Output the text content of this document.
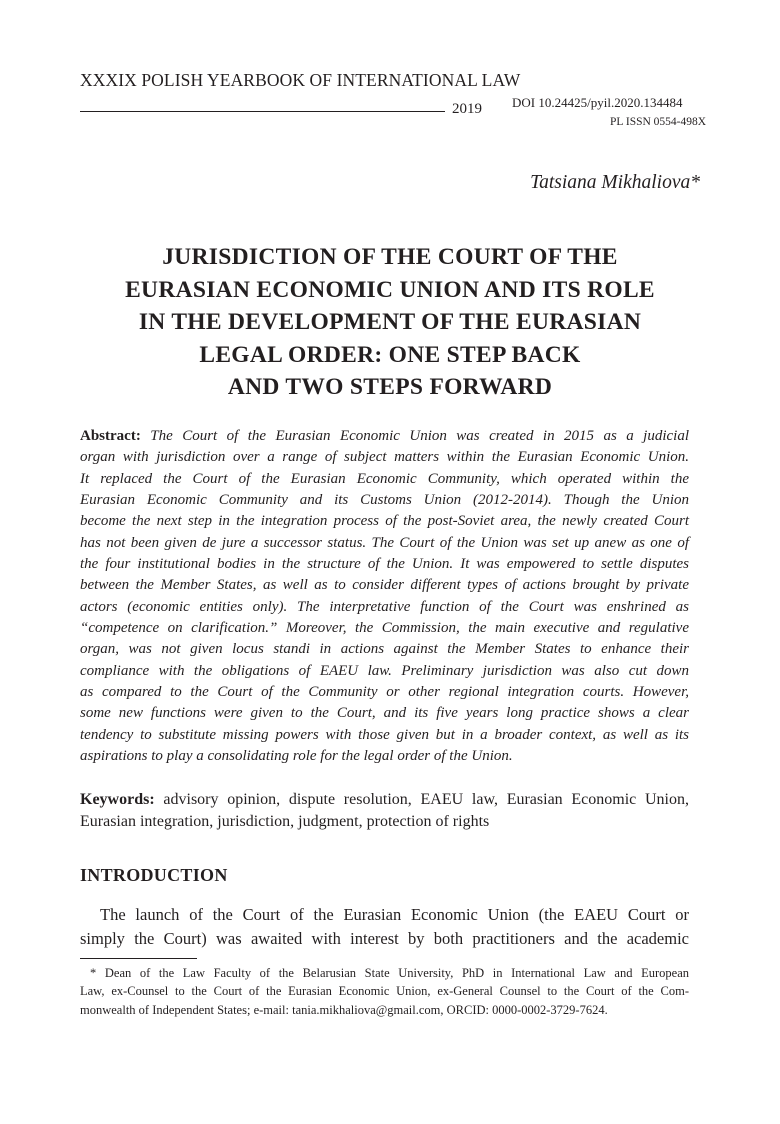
XXXIX POLISH YEARBOOK OF INTERNATIONAL LAW
2019 DOI 10.24425/pyil.2020.134484
PL ISSN 0554-498X
Tatsiana Mikhaliova*
JURISDICTION OF THE COURT OF THE
EURASIAN ECONOMIC UNION AND ITS ROLE
IN THE DEVELOPMENT OF THE EURASIAN
LEGAL ORDER: ONE STEP BACK
AND TWO STEPS FORWARD
Abstract: The Court of the Eurasian Economic Union was created in 2015 as a judicial
organ with jurisdiction over a range of subject matters within the Eurasian Economic Union.
It replaced the Court of the Eurasian Economic Community, which operated within the
Eurasian Economic Community and its Customs Union (2012-2014). Though the Union
become the next step in the integration process of the post-Soviet area, the newly created Court
has not been given de jure a successor status. The Court of the Union was set up anew as one of
the four institutional bodies in the structure of the Union. It was empowered to settle disputes
between the Member States, as well as to consider different types of actions brought by private
actors (economic entities only). The interpretative function of the Court was enshrined as
“competence on clarification.” Moreover, the Commission, the main executive and regulative
organ, was not given locus standi in actions against the Member States to enhance their
compliance with the obligations of EAEU law. Preliminary jurisdiction was also cut down
as compared to the Court of the Community or other regional integration courts. However,
some new functions were given to the Court, and its five years long practice shows a clear
tendency to substitute missing powers with those given but in a broader context, as well as its
aspirations to play a consolidating role for the legal order of the Union.
Keywords: advisory opinion, dispute resolution, EAEU law, Eurasian Economic Union,
Eurasian integration, jurisdiction, judgment, protection of rights
INTRODUCTION
The launch of the Court of the Eurasian Economic Union (the EAEU Court or
simply the Court) was awaited with interest by both practitioners and the academic
* Dean of the Law Faculty of the Belarusian State University, PhD in International Law and European
Law, ex-Counsel to the Court of the Eurasian Economic Union, ex-General Counsel to the Court of the Com-
monwealth of Independent States; e-mail: tania.mikhaliova@gmail.com, ORCID: 0000-0002-3729-7624.
